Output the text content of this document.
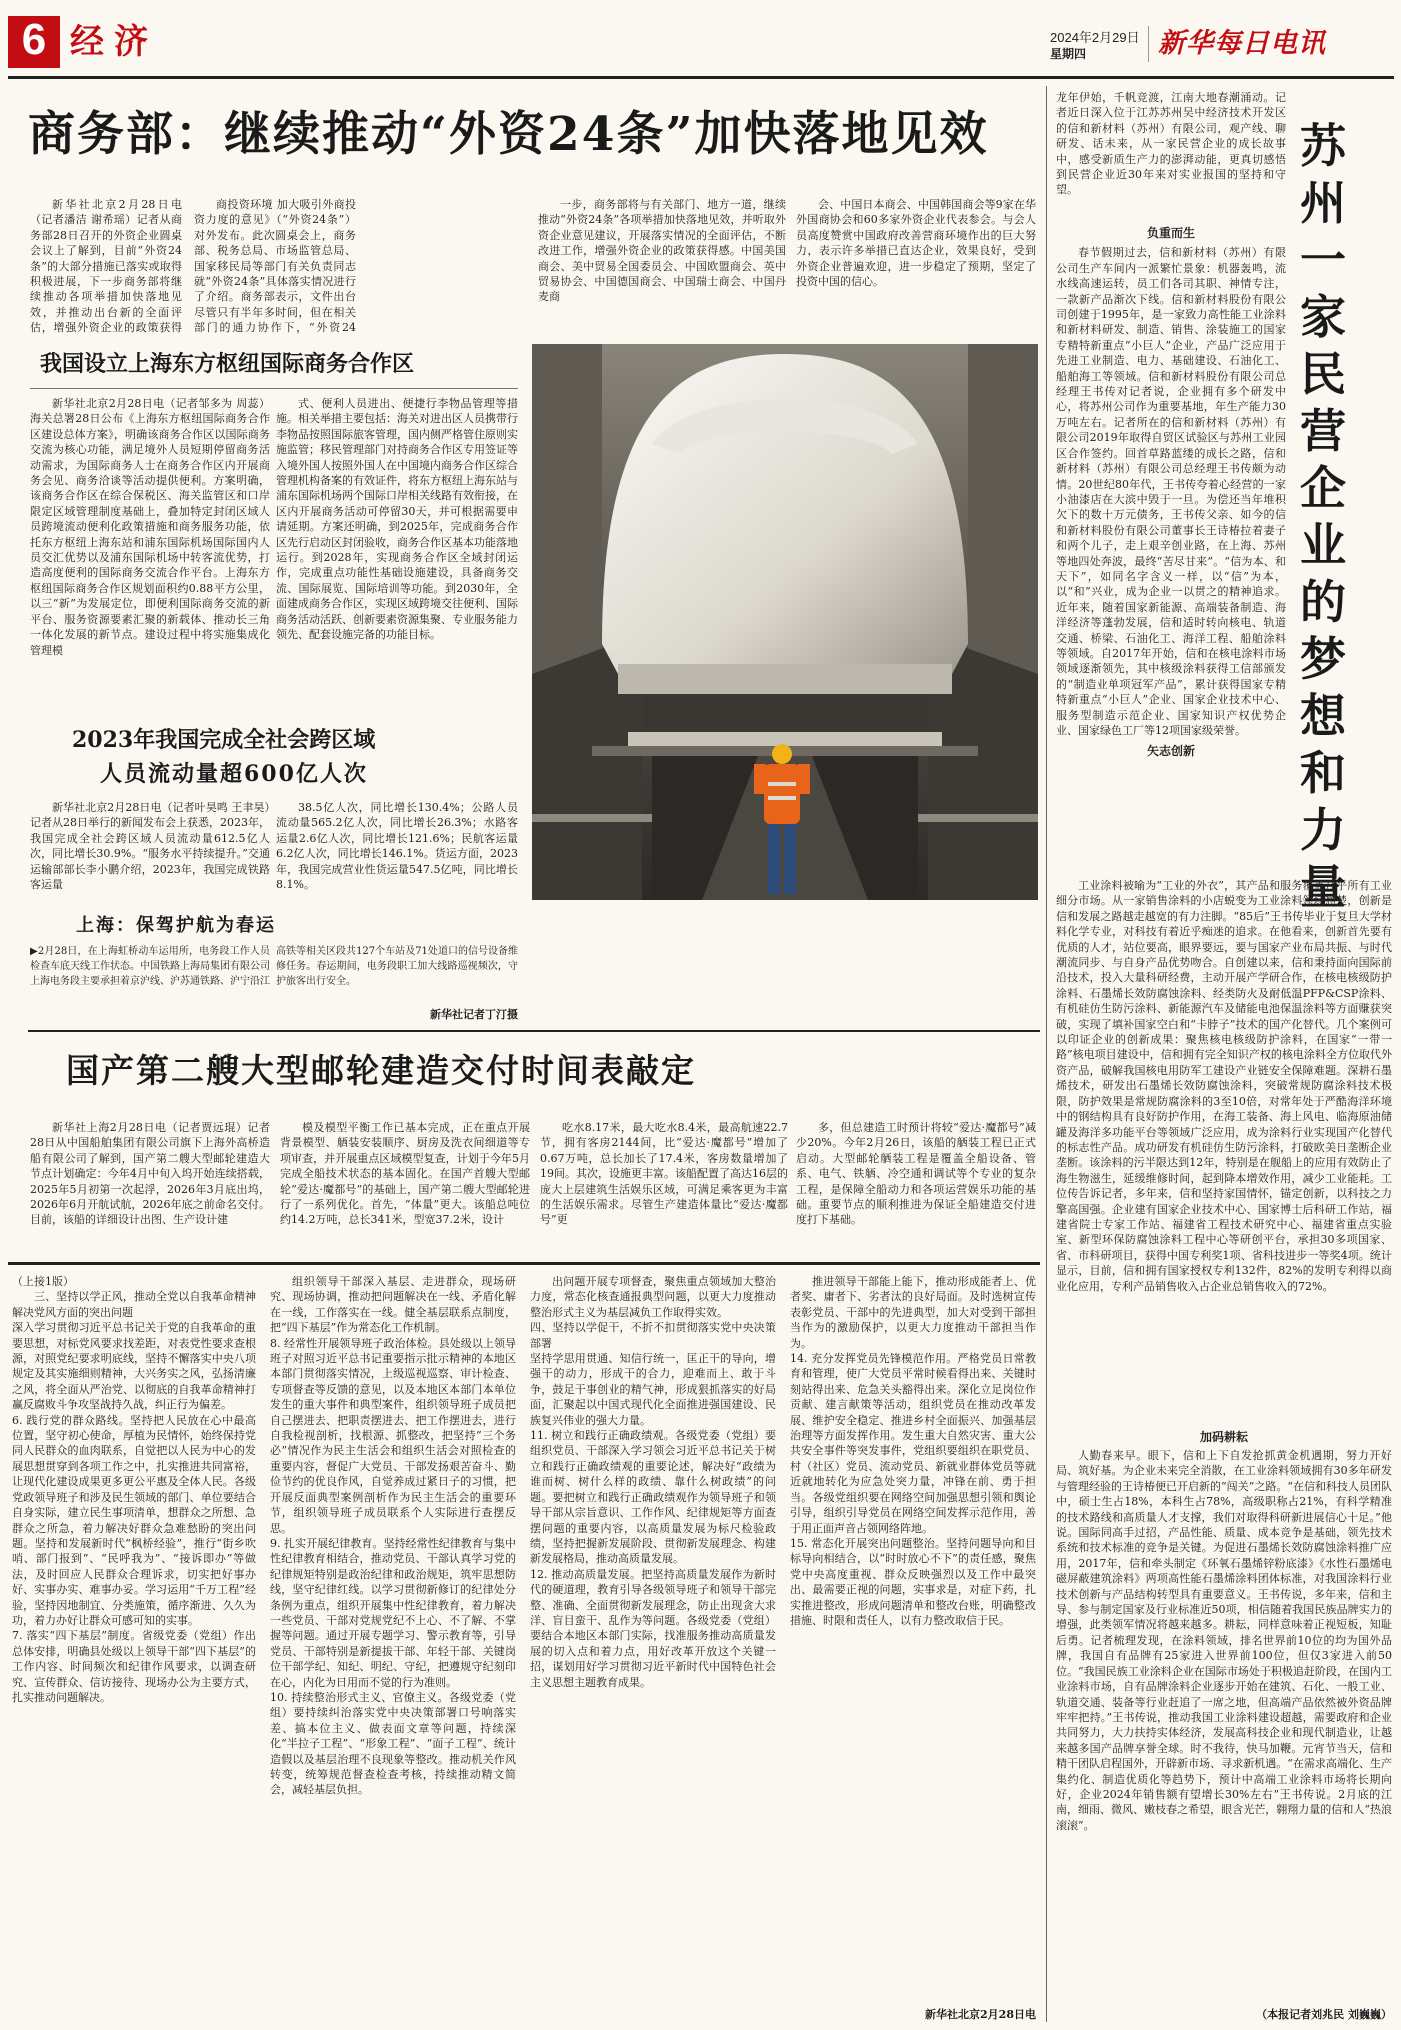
6 经济	2024年2月29日
星期四	新华每日电讯
商务部：继续推动“外资24条”加快落地见效

新华社北京2月28日电（记者潘洁 谢希瑶）记者从商务部28日召开的外资企业圆桌会议上了解到，目前“外资24条”的大部分措施已落实或取得积极进展，下一步商务部将继续推动各项举措加快落地见效，并推动出台新的全面评估，增强外资企业的政策获得

商投资环境 加大吸引外商投资力度的意见》（“外资24条”）对外发布。此次圆桌会上，商务部、税务总局、市场监管总局、国家移民局等部门有关负责同志就“外资24条”具体落实情况进行了介绍。商务部表示，文件出台尽管只有半年多时间，但在相关部门的通力协作下，“外资24

一步，商务部将与有关部门、地方一道，继续推动“外资24条”各项举措加快落地见效，并听取外资企业意见建议，开展落实情况的全面评估，不断改进工作，增强外资企业的政策获得感。中国美国商会、美中贸易全国委员会、中国欧盟商会、英中贸易协会、中国德国商会、中国瑞士商会、中国丹麦商

会、中国日本商会、中国韩国商会等9家在华外国商协会和60多家外资企业代表参会。与会人员高度赞赏中国政府改善营商环境作出的巨大努力，表示许多举措已直达企业，效果良好，受到外资企业普遍欢迎，进一步稳定了预期，坚定了投资中国的信心。

我国设立上海东方枢纽国际商务合作区

新华社北京2月28日电（记者邹多为 周蕊）海关总署28日公布《上海东方枢纽国际商务合作区建设总体方案》，明确该商务合作区以国际商务交流为核心功能，满足境外人员短期停留商务活动需求，为国际商务人士在商务合作区内开展商务会见、商务洽谈等活动提供便利。方案明确，该商务合作区在综合保税区、海关监管区和口岸限定区域管理制度基础上，叠加特定封闭区域人员跨境流动便利化政策措施和商务服务功能，依托东方枢纽上海东站和浦东国际机场国际国内人员交汇优势以及浦东国际机场中转客流优势，打造高度便利的国际商务交流合作平台。上海东方枢纽国际商务合作区规划面积约0.88平方公里，以三“新”为发展定位，即便利国际商务交流的新平台、服务资源要素汇聚的新载体、推动长三角一体化发展的新节点。建设过程中将实施集成化管理模

式、便利人员进出、便捷行李物品管理等措施。相关举措主要包括：海关对进出区人员携带行李物品按照国际旅客管理，国内侧严格管住原则实施监管；移民管理部门对持商务合作区专用签证等入境外国人按照外国人在中国境内商务合作区综合管理机构备案的有效证件，将东方枢纽上海东站与浦东国际机场两个国际口岸相关线路有效衔接，在区内开展商务活动可停留30天，并可根据需要申请延期。方案还明确，到2025年，完成商务合作区先行启动区封闭验收，商务合作区基本功能落地运行。到2028年，实现商务合作区全域封闭运作，完成重点功能性基础设施建设，具备商务交流、国际展览、国际培训等功能。到2030年，全面建成商务合作区，实现区域跨境交往便利、国际商务活动活跃、创新要素资源集聚、专业服务能力领先、配套设施完备的功能目标。

2023年我国完成全社会跨区域
人员流动量超600亿人次

新华社北京2月28日电（记者叶昊鸣 王聿昊）记者从28日举行的新闻发布会上获悉，2023年，我国完成全社会跨区域人员流动量612.5亿人次，同比增长30.9%。“服务水平持续提升。”交通运输部部长李小鹏介绍，2023年，我国完成铁路客运量

38.5亿人次，同比增长130.4%；公路人员流动量565.2亿人次，同比增长26.3%；水路客运量2.6亿人次，同比增长121.6%；民航客运量6.2亿人次，同比增长146.1%。货运方面，2023年，我国完成营业性货运量547.5亿吨，同比增长8.1%。

上海：保驾护航为春运

▶2月28日，在上海虹桥动车运用所，电务段工作人员检查车底天线工作状态。中国铁路上海局集团有限公司上海电务段主要承担着京沪线、沪苏通铁路、沪宁沿江

高铁等相关区段共127个车站及71处道口的信号设备维修任务。春运期间，电务段职工加大线路巡视频次，守护旅客出行安全。

新华社记者丁汀摄
国产第二艘大型邮轮建造交付时间表敲定

新华社上海2月28日电（记者贾远琨）记者28日从中国船舶集团有限公司旗下上海外高桥造船有限公司了解到，国产第二艘大型邮轮建造大节点计划确定：今年4月中旬入坞开始连续搭载，2025年5月初第一次起浮，2026年3月底出坞，2026年6月开航试航，2026年底之前命名交付。目前，该船的详细设计出图、生产设计建

模及模型平衡工作已基本完成，正在重点开展背景模型、舾装安装顺序、厨房及洗衣间细道等专项审查，并开展重点区域模型复查，计划于今年5月完成全船技术状态的基本固化。在国产首艘大型邮轮“爱达·魔都号”的基础上，国产第二艘大型邮轮进行了一系列优化。首先，“体量”更大。该船总吨位约14.2万吨，总长341米，型宽37.2米，设计

吃水8.17米，最大吃水8.4米，最高航速22.7节，拥有客房2144间，比“爱达·魔都号”增加了0.67万吨，总长加长了17.4米，客房数量增加了19间。其次，设施更丰富。该船配置了高达16层的庞大上层建筑生活娱乐区域，可满足乘客更为丰富的生活娱乐需求。尽管生产建造体量比“爱达·魔都号”更

多，但总建造工时预计将较“爱达·魔都号”减少20%。今年2月26日，该船的舾装工程已正式启动。大型邮轮舾装工程是覆盖全船设备、管系、电气、铁舾、冷空通和调试等个专业的复杂工程，是保障全船动力和各项运营娱乐功能的基础。重要节点的顺利推进为保证全船建造交付进度打下基础。

（上接1版）

三、坚持以学正风，推动全党以自我革命精神解决党风方面的突出问题
深入学习贯彻习近平总书记关于党的自我革命的重要思想，对标党风要求找差距，对表党性要求查根源，对照党纪要求明底线，坚持不懈落实中央八项规定及其实施细则精神，大兴务实之风，弘扬清廉之风，将全面从严治党、以彻底的自我革命精神打赢反腐败斗争攻坚战持久战，纠正行为偏差。
6. 践行党的群众路线。坚持把人民放在心中最高位置，坚守初心使命，厚植为民情怀，始终保持党同人民群众的血肉联系，自觉把以人民为中心的发展思想贯穿到各项工作之中，扎实推进共同富裕，让现代化建设成果更多更公平惠及全体人民。各级党政领导班子和涉及民生领域的部门、单位要结合自身实际，建立民生事项清单，想群众之所想、急群众之所急，着力解决好群众急难愁盼的突出问题。坚持和发展新时代“枫桥经验”，推行“街乡吹哨、部门报到”、“民呼我为”、“接诉即办”等做法，及时回应人民群众合理诉求，切实把好事办好、实事办实、难事办妥。学习运用“千万工程”经验，坚持因地制宜、分类施策，循序渐进、久久为功，着力办好让群众可感可知的实事。
7. 落实“四下基层”制度。省级党委（党组）作出总体安排，明确县处级以上领导干部“四下基层”的工作内容、时间频次和纪律作风要求，以调查研究、宣传群众、信访接待、现场办公为主要方式，扎实推动问题解决。
组织领导干部深入基层、走进群众，现场研究、现场协调，推动把问题解决在一线、矛盾化解在一线，工作落实在一线。健全基层联系点制度，把“四下基层”作为常态化工作机制。
8. 经常性开展领导班子政治体检。县处级以上领导班子对照习近平总书记重要指示批示精神的本地区本部门贯彻落实情况，上级巡视巡察、审计检查、专项督查等反馈的意见，以及本地区本部门本单位发生的重大事件和典型案件，组织领导班子成员把自己摆进去、把职责摆进去、把工作摆进去，进行自我检视剖析，找根源、抓整改，把坚持“三个务必”情况作为民主生活会和组织生活会对照检查的重要内容，督促广大党员、干部发扬艰苦奋斗、勤俭节约的优良作风，自觉养成过紧日子的习惯，把开展反面典型案例剖析作为民主生活会的重要环节，组织领导班子成员联系个人实际进行查摆反思。
9. 扎实开展纪律教育。坚持经常性纪律教育与集中性纪律教育相结合，推动党员、干部认真学习党的纪律规矩特别是政治纪律和政治规矩，筑牢思想防线，坚守纪律红线。以学习贯彻新修订的纪律处分条例为重点，组织开展集中性纪律教育，着力解决一些党员、干部对党规党纪不上心、不了解、不掌握等问题。通过开展专题学习、警示教育等，引导党员、干部特别是新提拔干部、年轻干部、关键岗位干部学纪、知纪、明纪、守纪，把遵规守纪刻印在心，内化为日用而不觉的行为准则。
10. 持续整治形式主义、官僚主义。各级党委（党组）要持续纠治落实党中央决策部署口号响落实差、搞本位主义、做表面文章等问题，持续深化“半拉子工程”、“形象工程”、“面子工程”、统计造假以及基层治理不良现象等整改。推动机关作风转变，统筹规范督查检查考核，持续推动精文简会，减轻基层负担。
出问题开展专项督查，聚焦重点领域加大整治力度，常态化核查通报典型问题，以更大力度推动整治形式主义为基层减负工作取得实效。
四、坚持以学促干，不折不扣贯彻落实党中央决策部署
坚持学思用贯通、知信行统一，匡正干的导向，增强干的动力，形成干的合力，迎难而上、敢于斗争，鼓足干事创业的精气神，形成狠抓落实的好局面，汇聚起以中国式现代化全面推进强国建设、民族复兴伟业的强大力量。
11. 树立和践行正确政绩观。各级党委（党组）要组织党员、干部深入学习领会习近平总书记关于树立和践行正确政绩观的重要论述，解决好“政绩为谁而树、树什么样的政绩、靠什么树政绩”的问题。要把树立和践行正确政绩观作为领导班子和领导干部从宗旨意识、工作作风、纪律规矩等方面查摆问题的重要内容，以高质量发展为标尺检验政绩，坚持把握新发展阶段、贯彻新发展理念、构建新发展格局，推动高质量发展。
12. 推动高质量发展。把坚持高质量发展作为新时代的硬道理，教育引导各级领导班子和领导干部完整、准确、全面贯彻新发展理念，防止出现贪大求洋、盲目蛮干、乱作为等问题。各级党委（党组）要结合本地区本部门实际，找准服务推动高质量发展的切入点和着力点，用好改革开放这个关键一招，谋划用好学习贯彻习近平新时代中国特色社会主义思想主题教育成果。
推进领导干部能上能下，推动形成能者上、优者奖、庸者下、劣者汰的良好局面。及时选树宣传表彰党员、干部中的先进典型，加大对受到干部担当作为的激励保护，以更大力度推动干部担当作为。
14. 充分发挥党员先锋模范作用。严格党员日常教育和管理，使广大党员平常时候看得出来、关键时刻站得出来、危急关头豁得出来。深化立足岗位作贡献、建言献策等活动，组织党员在推动改革发展、维护安全稳定、推进乡村全面振兴、加强基层治理等方面发挥作用。发生重大自然灾害、重大公共安全事件等突发事件，党组织要组织在职党员、村（社区）党员、流动党员、新就业群体党员等就近就地转化为应急处突力量，冲锋在前、勇于担当。各级党组织要在网络空间加强思想引领和舆论引导，组织引导党员在网络空间发挥示范作用，善于用正面声音占领网络阵地。
15. 常态化开展突出问题整治。坚持问题导向和目标导向相结合，以“时时放心不下”的责任感，聚焦党中央高度重视、群众反映强烈以及工作中最突出、最需要正视的问题，实事求是，对症下药，扎实推进整改，形成问题清单和整改台账，明确整改措施、时限和责任人，以有力整改取信于民。
新华社北京2月28日电

龙年伊始，千帆竞渡，江南大地春潮涌动。记者近日深入位于江苏苏州吴中经济技术开发区的信和新材料（苏州）有限公司，观产线、聊研发、话未来，从一家民营企业的成长故事中，感受新质生产力的澎湃动能，更真切感悟到民营企业近30年来对实业报国的坚持和守望。

苏州一家民营企业的梦想和力量
负重而生

春节假期过去，信和新材料（苏州）有限公司生产车间内一派繁忙景象：机器轰鸣，流水线高速运转，员工们各司其职、神情专注，一款新产品渐次下线。信和新材料股份有限公司创建于1995年，是一家致力高性能工业涂料和新材料研发、制造、销售、涂装施工的国家专精特新重点“小巨人”企业，产品广泛应用于先进工业制造、电力、基础建设、石油化工、船舶海工等领域。信和新材料股份有限公司总经理王书传对记者说，企业拥有多个研发中心，将苏州公司作为重要基地，年生产能力30万吨左右。记者所在的信和新材料（苏州）有限公司2019年取得自贸区试验区与苏州工业园区合作签约。回首草路蓝缕的成长之路，信和新材料（苏州）有限公司总经理王书传颇为动情。20世纪80年代，王书传夸着心经营的一家小油漆店在大滨中毁于一旦。为偿还当年堆积欠下的数十万元债务，王书传父亲、如今的信和新材料股份有限公司董事长王诗椿拉着妻子和两个儿子，走上艰辛创业路，在上海、苏州等地四处奔波，最终“苦尽甘来”。“信为本、和天下”，如同名字含义一样，以“信”为本，以“和”兴业，成为企业一以贯之的精神追求。近年来，随着国家新能源、高端装备制造、海洋经济等蓬勃发展，信和适时转向核电、轨道交通、桥梁、石油化工、海洋工程、船舶涂料等领域。自2017年开始，信和在核电涂料市场领域逐渐领先，其中核级涂料获得工信部颁发的“制造业单项冠军产品”，累计获得国家专精特新重点“小巨人”企业、国家企业技术中心、服务型制造示范企业、国家知识产权优势企业、国家绿色工厂等12项国家级荣誉。

矢志创新

工业涂料被喻为“工业的外衣”，其产品和服务覆盖几乎所有工业细分市场。从一家销售涂料的小店蜕变为工业涂料领域翘楚，创新是信和发展之路越走越宽的有力注脚。“85后”王书传毕业于复旦大学材料化学专业，对科技有着近乎痴迷的追求。在他看来，创新首先要有优质的人才，站位要高，眼界要远，要与国家产业布局共振、与时代潮流同步、与自身产品优势吻合。自创建以来，信和秉持面向国际前沿技术，投入大量科研经费，主动开展产学研合作，在核电核级防护涂料、石墨烯长效防腐蚀涂料、经类防火及耐低温PFP&CSP涂料、有机硅仿生防污涂料、新能源汽车及储能电池保温涂料等方面赚获突破，实现了填补国家空白和“卡脖子”技术的国产化替代。几个案例可以印证企业的创新成果：聚焦核电核级防护涂料，在国家“一带一路”核电项目建设中，信和拥有完全知识产权的核电涂料全方位取代外资产品，破解我国核电用防军工建设产业链安全保障难题。深耕石墨烯技术，研发出石墨烯长效防腐蚀涂料，突破常规防腐涂料技术极限，防护效果是常规防腐涂料的3至10倍，对常年处于严酷海洋环境中的钢结构具有良好防护作用，在海工装备、海上风电、临海原油储罐及海洋多功能平台等领域广泛应用，成为涂料行业实现国产化替代的标志性产品。成功研发有机硅仿生防污涂料，打破欧美日垄断企业垄断。该涂料的污半限达到12年，特别是在舰船上的应用有效防止了海生物滋生，延缓维修时间，起到降本增效作用，减少工业能耗。工位传告诉记者，多年来，信和坚持家国情怀，锚定创新，以科技之力擎高国强。企业建有国家企业技术中心、国家博士后科研工作站，福建省院士专家工作站、福建省工程技术研究中心、福建省重点实验室、新型环保防腐蚀涂料工程中心等研创平台，承担30多项国家、省、市科研项目，获得中国专利奖1项、省科技进步一等奖4项。统计显示，目前，信和拥有国家授权专利132件，82%的发明专利得以商业化应用，专利产品销售收入占企业总销售收入的72%。

加码耕耘

人勤春来早。眼下，信和上下自发抢抓黄金机遇期，努力开好局、筑好基。为企业未来完全消散，在工业涂料领域拥有30多年研发与管理经验的王诗椿便已开启新的“闯关”之路。“在信和科技人员团队中，硕士生占18%，本科生占78%，高级职称占21%，有科学精准的技术路线和高质量人才支撑，我们对取得科研新进展信心十足。”他说。国际同高手过招，产品性能、质量、成本竞争是基础，领先技术系统和技术标准的竞争是关键。为促进石墨烯长效防腐蚀涂料推广应用，2017年，信和牵头制定《环氧石墨烯锌粉底漆》《水性石墨烯电磁屏蔽建筑涂料》两项高性能石墨烯涂料团体标准，对我国涂料行业技术创新与产品结构转型具有重要意义。王书传说，多年来，信和主导、参与制定国家及行业标准近50项，相信随着我国民族品牌实力的增强，此类领军情况将越来越多。耕耘，同样意味着正视短板，知耻后勇。记者梳理发现，在涂料领域，排名世界前10位的均为国外品牌，我国自有品牌有25家进入世界前100位，但仅3家进入前50位。“我国民族工业涂料企业在国际市场处于积极追赶阶段，在国内工业涂料市场，自有品牌涂料企业逐步开始在建筑、石化、一般工业、轨道交通、装备等行业赶追了一席之地，但高端产品依然被外资品牌牢牢把持。”王书传说，推动我国工业涂料建设超越，需要政府和企业共同努力，大力扶持实体经济，发展高科技企业和现代制造业，让越来越多国产品牌享誉全球。时不我待，快马加鞭。元宵节当天，信和精干团队启程国外，开辟新市场、寻求新机遇。“在需求高端化、生产集约化、制造优质化等趋势下，预计中高端工业涂料市场将长期向好，企业2024年销售额有望增长30%左右”王书传说。2月底的江南，细雨、微风、嫩枝春之希望，眼含光芒，翱翔力量的信和人“热浪滚滚”。

（本报记者刘兆民 刘巍巍）
